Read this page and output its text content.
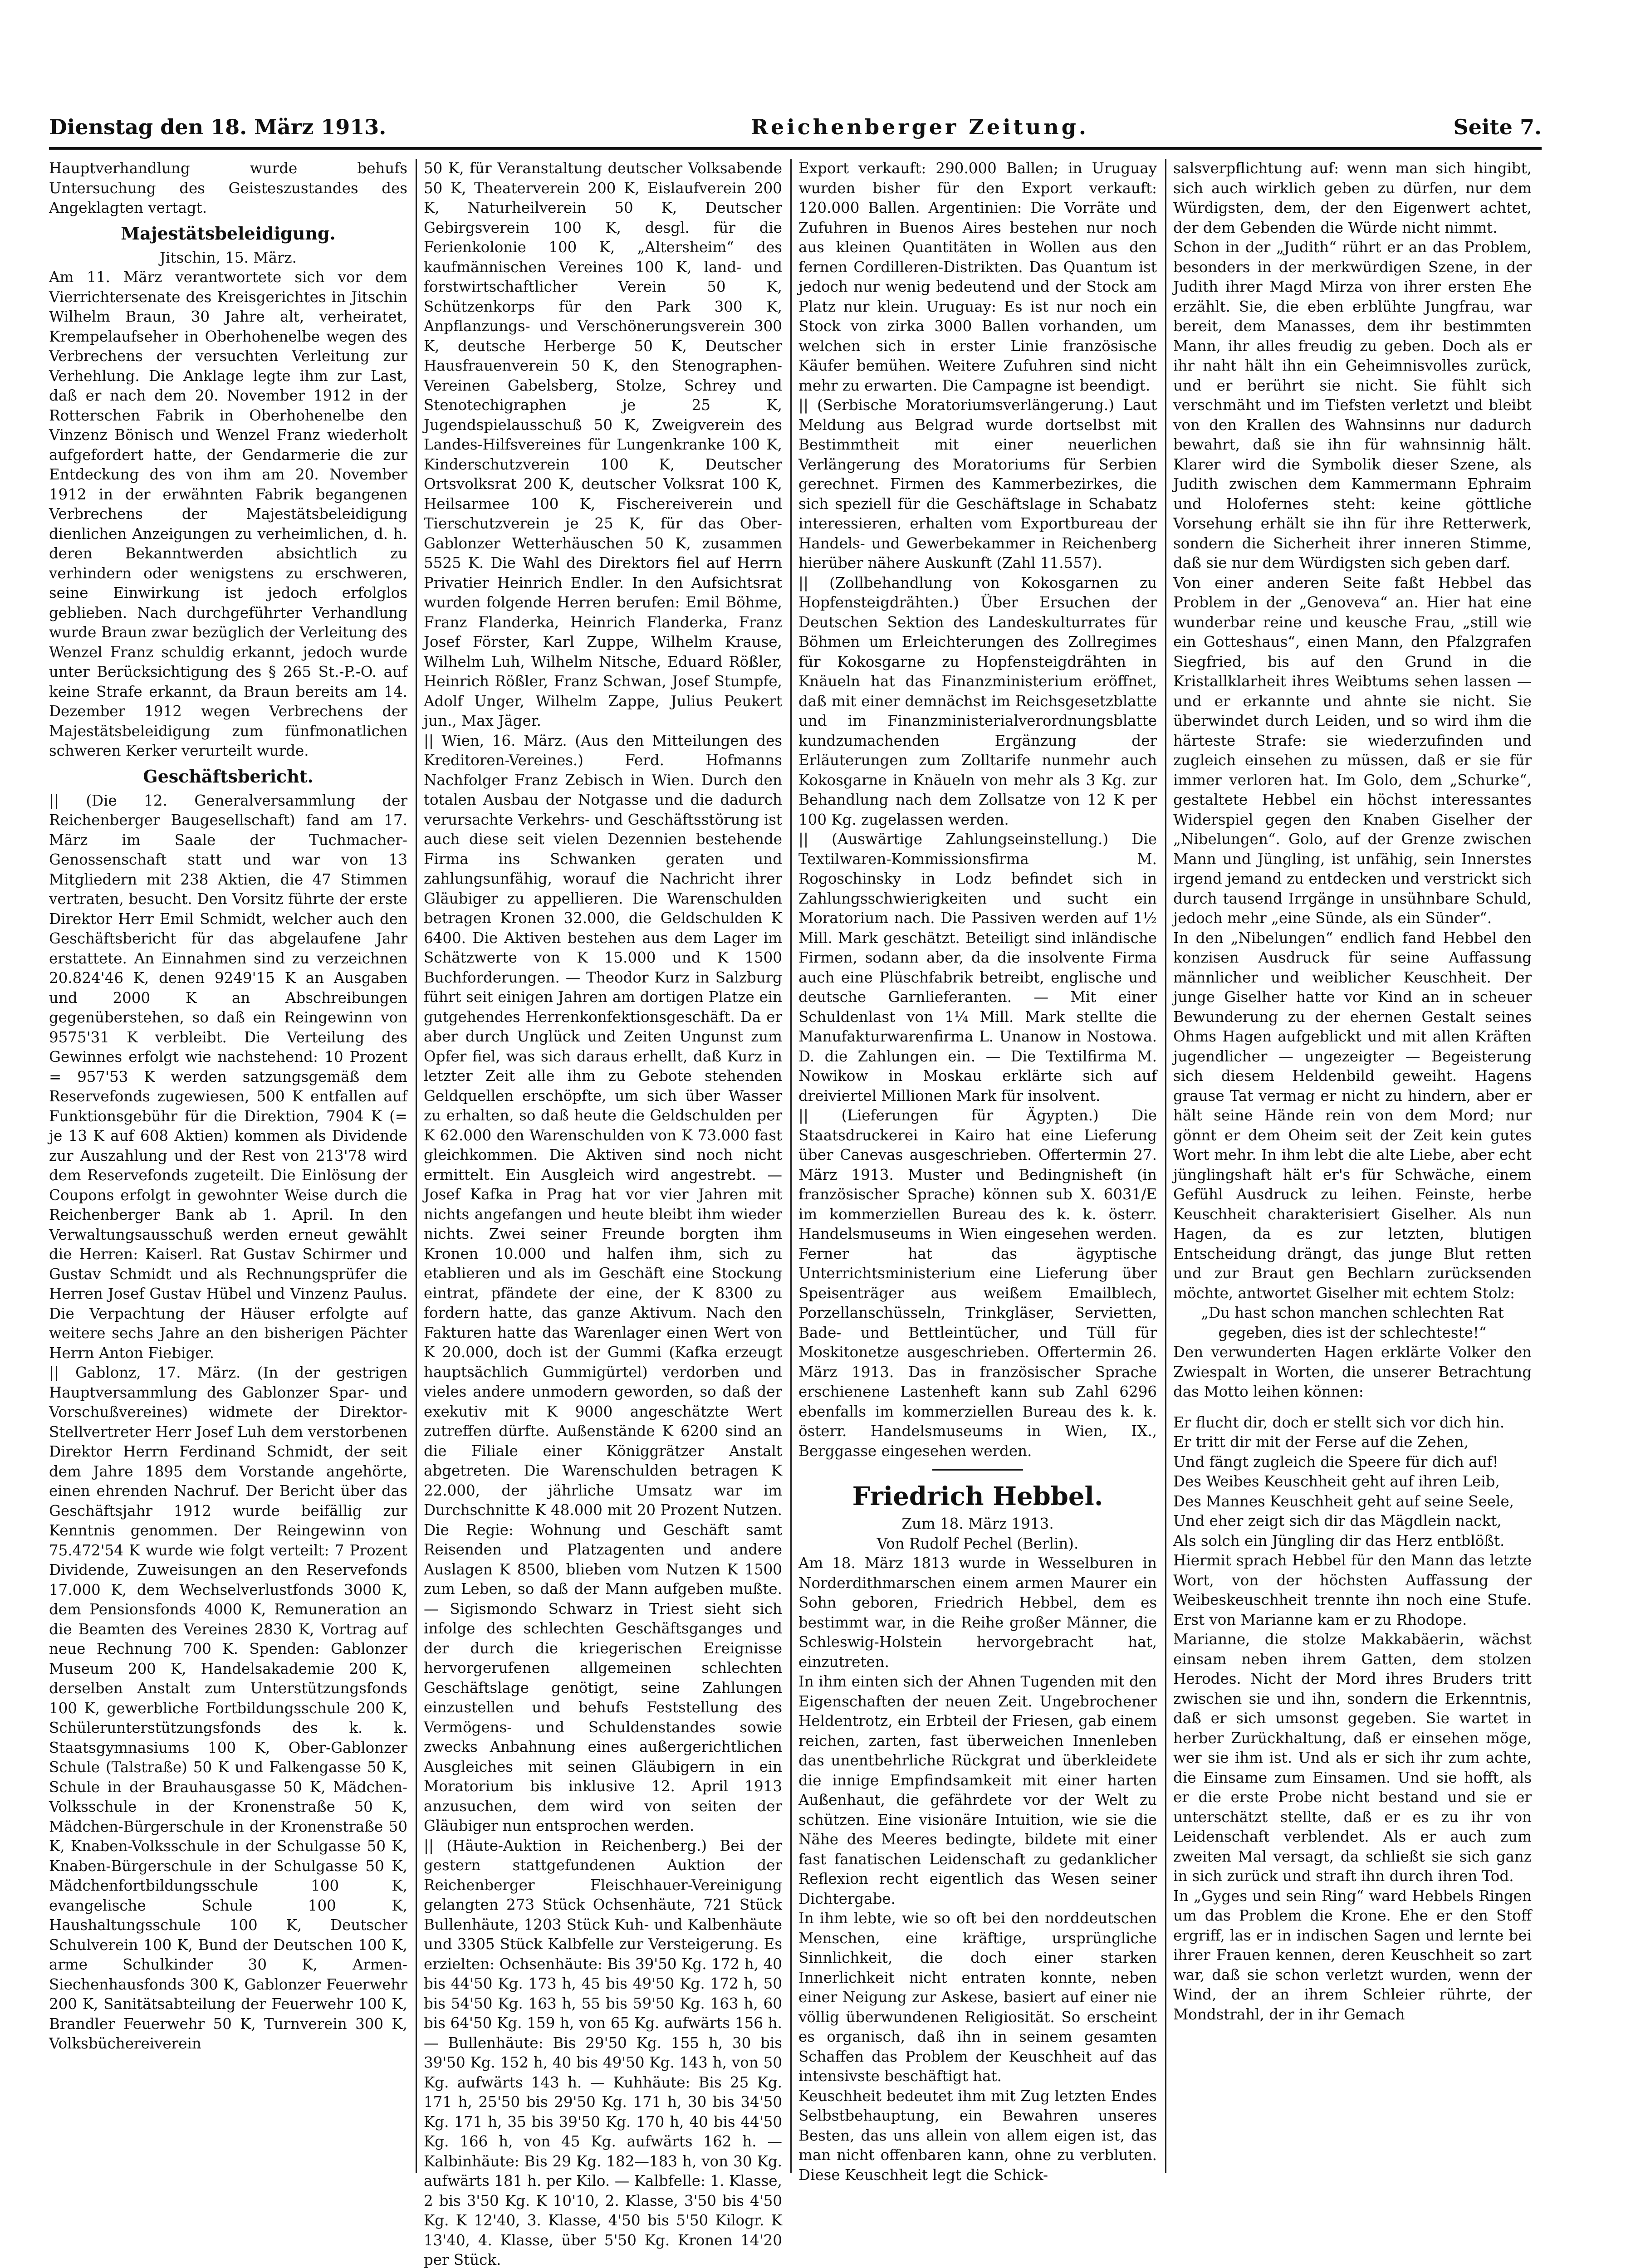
Dienstag den 18. März 1913.	Reichenberger Zeitung.	Seite 7.

Hauptverhandlung wurde behufs Untersuchung des Geisteszustandes des Angeklagten vertagt.

Majestätsbeleidigung.

Jitschin, 15. März.

Am 11. März verantwortete sich vor dem Vierrichtersenate des Kreisgerichtes in Jitschin Wilhelm Braun, 30 Jahre alt, verheiratet, Krempelaufseher in Oberhohenelbe wegen des Verbrechens der versuchten Verleitung zur Verhehlung. Die Anklage legte ihm zur Last, daß er nach dem 20. November 1912 in der Rotterschen Fabrik in Oberhohenelbe den Vinzenz Bönisch und Wenzel Franz wiederholt aufgefordert hatte, der Gendarmerie die zur Entdeckung des von ihm am 20. November 1912 in der erwähnten Fabrik begangenen Verbrechens der Majestätsbeleidigung dienlichen Anzeigungen zu verheimlichen, d. h. deren Bekanntwerden absichtlich zu verhindern oder wenigstens zu erschweren, seine Einwirkung ist jedoch erfolglos geblieben. Nach durchgeführter Verhandlung wurde Braun zwar bezüglich der Verleitung des Wenzel Franz schuldig erkannt, jedoch wurde unter Berücksichtigung des § 265 St.-P.-O. auf keine Strafe erkannt, da Braun bereits am 14. Dezember 1912 wegen Verbrechens der Majestätsbeleidigung zum fünfmonatlichen schweren Kerker verurteilt wurde.

Geschäftsbericht.

|| (Die 12. Generalversammlung der Reichenberger Baugesellschaft) fand am 17. März im Saale der Tuchmacher-Genossenschaft statt und war von 13 Mitgliedern mit 238 Aktien, die 47 Stimmen vertraten, besucht. Den Vorsitz führte der erste Direktor Herr Emil Schmidt, welcher auch den Geschäftsbericht für das abgelaufene Jahr erstattete. An Einnahmen sind zu verzeichnen 20.824'46 K, denen 9249'15 K an Ausgaben und 2000 K an Abschreibungen gegenüberstehen, so daß ein Reingewinn von 9575'31 K verbleibt. Die Verteilung des Gewinnes erfolgt wie nachstehend: 10 Prozent = 957'53 K werden satzungsgemäß dem Reservefonds zugewiesen, 500 K entfallen auf Funktionsgebühr für die Direktion, 7904 K (= je 13 K auf 608 Aktien) kommen als Dividende zur Auszahlung und der Rest von 213'78 wird dem Reservefonds zugeteilt. Die Einlösung der Coupons erfolgt in gewohnter Weise durch die Reichenberger Bank ab 1. April. In den Verwaltungsausschuß werden erneut gewählt die Herren: Kaiserl. Rat Gustav Schirmer und Gustav Schmidt und als Rechnungsprüfer die Herren Josef Gustav Hübel und Vinzenz Paulus. Die Verpachtung der Häuser erfolgte auf weitere sechs Jahre an den bisherigen Pächter Herrn Anton Fiebiger.

|| Gablonz, 17. März. (In der gestrigen Hauptversammlung des Gablonzer Spar- und Vorschußvereines) widmete der Direktor-Stellvertreter Herr Josef Luh dem verstorbenen Direktor Herrn Ferdinand Schmidt, der seit dem Jahre 1895 dem Vorstande angehörte, einen ehrenden Nachruf. Der Bericht über das Geschäftsjahr 1912 wurde beifällig zur Kenntnis genommen. Der Reingewinn von 75.472'54 K wurde wie folgt verteilt: 7 Prozent Dividende, Zuweisungen an den Reservefonds 17.000 K, dem Wechselverlustfonds 3000 K, dem Pensionsfonds 4000 K, Remuneration an die Beamten des Vereines 2830 K, Vortrag auf neue Rechnung 700 K. Spenden: Gablonzer Museum 200 K, Handelsakademie 200 K, derselben Anstalt zum Unterstützungsfonds 100 K, gewerbliche Fortbildungsschule 200 K, Schülerunterstützungsfonds des k. k. Staatsgymnasiums 100 K, Ober-Gablonzer Schule (Talstraße) 50 K und Falkengasse 50 K, Schule in der Brauhausgasse 50 K, Mädchen-Volksschule in der Kronenstraße 50 K, Mädchen-Bürgerschule in der Kronenstraße 50 K, Knaben-Volksschule in der Schulgasse 50 K, Knaben-Bürgerschule in der Schulgasse 50 K, Mädchenfortbildungsschule 100 K, evangelische Schule 100 K, Haushaltungsschule 100 K, Deutscher Schulverein 100 K, Bund der Deutschen 100 K, arme Schulkinder 30 K, Armen-Siechenhausfonds 300 K, Gablonzer Feuerwehr 200 K, Sanitätsabteilung der Feuerwehr 100 K, Brandler Feuerwehr 50 K, Turnverein 300 K, Volksbüchereiverein

50 K, für Veranstaltung deutscher Volksabende 50 K, Theaterverein 200 K, Eislaufverein 200 K, Naturheilverein 50 K, Deutscher Gebirgsverein 100 K, desgl. für die Ferienkolonie 100 K, „Altersheim“ des kaufmännischen Vereines 100 K, land- und forstwirtschaftlicher Verein 50 K, Schützenkorps für den Park 300 K, Anpflanzungs- und Verschönerungsverein 300 K, deutsche Herberge 50 K, Deutscher Hausfrauenverein 50 K, den Stenographen-Vereinen Gabelsberg, Stolze, Schrey und Stenotechigraphen je 25 K, Jugendspielausschuß 50 K, Zweigverein des Landes-Hilfsvereines für Lungenkranke 100 K, Kinderschutzverein 100 K, Deutscher Ortsvolksrat 200 K, deutscher Volksrat 100 K, Heilsarmee 100 K, Fischereiverein und Tierschutzverein je 25 K, für das Ober-Gablonzer Wetterhäuschen 50 K, zusammen 5525 K. Die Wahl des Direktors fiel auf Herrn Privatier Heinrich Endler. In den Aufsichtsrat wurden folgende Herren berufen: Emil Böhme, Franz Flanderka, Heinrich Flanderka, Franz Josef Förster, Karl Zuppe, Wilhelm Krause, Wilhelm Luh, Wilhelm Nitsche, Eduard Rößler, Heinrich Rößler, Franz Schwan, Josef Stumpfe, Adolf Unger, Wilhelm Zappe, Julius Peukert jun., Max Jäger.

|| Wien, 16. März. (Aus den Mitteilungen des Kreditoren-Vereines.) Ferd. Hofmanns Nachfolger Franz Zebisch in Wien. Durch den totalen Ausbau der Notgasse und die dadurch verursachte Verkehrs- und Geschäftsstörung ist auch diese seit vielen Dezennien bestehende Firma ins Schwanken geraten und zahlungsunfähig, worauf die Nachricht ihrer Gläubiger zu appellieren. Die Warenschulden betragen Kronen 32.000, die Geldschulden K 6400. Die Aktiven bestehen aus dem Lager im Schätzwerte von K 15.000 und K 1500 Buchforderungen. — Theodor Kurz in Salzburg führt seit einigen Jahren am dortigen Platze ein gutgehendes Herrenkonfektionsgeschäft. Da er aber durch Unglück und Zeiten Ungunst zum Opfer fiel, was sich daraus erhellt, daß Kurz in letzter Zeit alle ihm zu Gebote stehenden Geldquellen erschöpfte, um sich über Wasser zu erhalten, so daß heute die Geldschulden per K 62.000 den Warenschulden von K 73.000 fast gleichkommen. Die Aktiven sind noch nicht ermittelt. Ein Ausgleich wird angestrebt. — Josef Kafka in Prag hat vor vier Jahren mit nichts angefangen und heute bleibt ihm wieder nichts. Zwei seiner Freunde borgten ihm Kronen 10.000 und halfen ihm, sich zu etablieren und als im Geschäft eine Stockung eintrat, pfändete der eine, der K 8300 zu fordern hatte, das ganze Aktivum. Nach den Fakturen hatte das Warenlager einen Wert von K 20.000, doch ist der Gummi (Kafka erzeugt hauptsächlich Gummigürtel) verdorben und vieles andere unmodern geworden, so daß der exekutiv mit K 9000 angeschätzte Wert zutreffen dürfte. Außenstände K 6200 sind an die Filiale einer Königgrätzer Anstalt abgetreten. Die Warenschulden betragen K 22.000, der jährliche Umsatz war im Durchschnitte K 48.000 mit 20 Prozent Nutzen. Die Regie: Wohnung und Geschäft samt Reisenden und Platzagenten und andere Auslagen K 8500, blieben vom Nutzen K 1500 zum Leben, so daß der Mann aufgeben mußte. — Sigismondo Schwarz in Triest sieht sich infolge des schlechten Geschäftsganges und der durch die kriegerischen Ereignisse hervorgerufenen allgemeinen schlechten Geschäftslage genötigt, seine Zahlungen einzustellen und behufs Feststellung des Vermögens- und Schuldenstandes sowie zwecks Anbahnung eines außergerichtlichen Ausgleiches mit seinen Gläubigern in ein Moratorium bis inklusive 12. April 1913 anzusuchen, dem wird von seiten der Gläubiger nun entsprochen werden.

|| (Häute-Auktion in Reichenberg.) Bei der gestern stattgefundenen Auktion der Reichenberger Fleischhauer-Vereinigung gelangten 273 Stück Ochsenhäute, 721 Stück Bullenhäute, 1203 Stück Kuh- und Kalbenhäute und 3305 Stück Kalbfelle zur Versteigerung. Es erzielten: Ochsenhäute: Bis 39'50 Kg. 172 h, 40 bis 44'50 Kg. 173 h, 45 bis 49'50 Kg. 172 h, 50 bis 54'50 Kg. 163 h, 55 bis 59'50 Kg. 163 h, 60 bis 64'50 Kg. 159 h, von 65 Kg. aufwärts 156 h. — Bullenhäute: Bis 29'50 Kg. 155 h, 30 bis 39'50 Kg. 152 h, 40 bis 49'50 Kg. 143 h, von 50 Kg. aufwärts 143 h. — Kuhhäute: Bis 25 Kg. 171 h, 25'50 bis 29'50 Kg. 171 h, 30 bis 34'50 Kg. 171 h, 35 bis 39'50 Kg. 170 h, 40 bis 44'50 Kg. 166 h, von 45 Kg. aufwärts 162 h. — Kalbinhäute: Bis 29 Kg. 182—183 h, von 30 Kg. aufwärts 181 h. per Kilo. — Kalbfelle: 1. Klasse, 2 bis 3'50 Kg. K 10'10, 2. Klasse, 3'50 bis 4'50 Kg. K 12'40, 3. Klasse, 4'50 bis 5'50 Kilogr. K 13'40, 4. Klasse, über 5'50 Kg. Kronen 14'20 per Stück.

Export verkauft: 290.000 Ballen; in Uruguay wurden bisher für den Export verkauft: 120.000 Ballen. Argentinien: Die Vorräte und Zufuhren in Buenos Aires bestehen nur noch aus kleinen Quantitäten in Wollen aus den fernen Cordilleren-Distrikten. Das Quantum ist jedoch nur wenig bedeutend und der Stock am Platz nur klein. Uruguay: Es ist nur noch ein Stock von zirka 3000 Ballen vorhanden, um welchen sich in erster Linie französische Käufer bemühen. Weitere Zufuhren sind nicht mehr zu erwarten. Die Campagne ist beendigt.

|| (Serbische Moratoriumsverlängerung.) Laut Meldung aus Belgrad wurde dortselbst mit Bestimmtheit mit einer neuerlichen Verlängerung des Moratoriums für Serbien gerechnet. Firmen des Kammerbezirkes, die sich speziell für die Geschäftslage in Schabatz interessieren, erhalten vom Exportbureau der Handels- und Gewerbekammer in Reichenberg hierüber nähere Auskunft (Zahl 11.557).

|| (Zollbehandlung von Kokosgarnen zu Hopfensteigdrähten.) Über Ersuchen der Deutschen Sektion des Landeskulturrates für Böhmen um Erleichterungen des Zollregimes für Kokosgarne zu Hopfensteigdrähten in Knäueln hat das Finanzministerium eröffnet, daß mit einer demnächst im Reichsgesetzblatte und im Finanzministerialverordnungsblatte kundzumachenden Ergänzung der Erläuterungen zum Zolltarife nunmehr auch Kokosgarne in Knäueln von mehr als 3 Kg. zur Behandlung nach dem Zollsatze von 12 K per 100 Kg. zugelassen werden.

|| (Auswärtige Zahlungseinstellung.) Die Textilwaren-Kommissionsfirma M. Rogoschinsky in Lodz befindet sich in Zahlungsschwierigkeiten und sucht ein Moratorium nach. Die Passiven werden auf 1½ Mill. Mark geschätzt. Beteiligt sind inländische Firmen, sodann aber, da die insolvente Firma auch eine Plüschfabrik betreibt, englische und deutsche Garnlieferanten. — Mit einer Schuldenlast von 1¼ Mill. Mark stellte die Manufakturwarenfirma L. Unanow in Nostowa. D. die Zahlungen ein. — Die Textilfirma M. Nowikow in Moskau erklärte sich auf dreiviertel Millionen Mark für insolvent.

|| (Lieferungen für Ägypten.) Die Staatsdruckerei in Kairo hat eine Lieferung über Canevas ausgeschrieben. Offertermin 27. März 1913. Muster und Bedingnisheft (in französischer Sprache) können sub X. 6031/E im kommerziellen Bureau des k. k. österr. Handelsmuseums in Wien eingesehen werden. Ferner hat das ägyptische Unterrichtsministerium eine Lieferung über Speisenträger aus weißem Emailblech, Porzellanschüsseln, Trinkgläser, Servietten, Bade- und Bettleintücher, und Tüll für Moskitonetze ausgeschrieben. Offertermin 26. März 1913. Das in französischer Sprache erschienene Lastenheft kann sub Zahl 6296 ebenfalls im kommerziellen Bureau des k. k. österr. Handelsmuseums in Wien, IX., Berggasse eingesehen werden.

Friedrich Hebbel.

Zum 18. März 1913.

Von Rudolf Pechel (Berlin).

Am 18. März 1813 wurde in Wesselburen in Norderdithmarschen einem armen Maurer ein Sohn geboren, Friedrich Hebbel, dem es bestimmt war, in die Reihe großer Männer, die Schleswig-Holstein hervorgebracht hat, einzutreten.

In ihm einten sich der Ahnen Tugenden mit den Eigenschaften der neuen Zeit. Ungebrochener Heldentrotz, ein Erbteil der Friesen, gab einem reichen, zarten, fast überweichen Innenleben das unentbehrliche Rückgrat und überkleidete die innige Empfindsamkeit mit einer harten Außenhaut, die gefährdete vor der Welt zu schützen. Eine visionäre Intuition, wie sie die Nähe des Meeres bedingte, bildete mit einer fast fanatischen Leidenschaft zu gedanklicher Reflexion recht eigentlich das Wesen seiner Dichtergabe.

In ihm lebte, wie so oft bei den norddeutschen Menschen, eine kräftige, ursprüngliche Sinnlichkeit, die doch einer starken Innerlichkeit nicht entraten konnte, neben einer Neigung zur Askese, basiert auf einer nie völlig überwundenen Religiosität. So erscheint es organisch, daß ihn in seinem gesamten Schaffen das Problem der Keuschheit auf das intensivste beschäftigt hat.

Keuschheit bedeutet ihm mit Zug letzten Endes Selbstbehauptung, ein Bewahren unseres Besten, das uns allein von allem eigen ist, das man nicht offenbaren kann, ohne zu verbluten. Diese Keuschheit legt die Schick-

salsverpflichtung auf: wenn man sich hingibt, sich auch wirklich geben zu dürfen, nur dem Würdigsten, dem, der den Eigenwert achtet, der dem Gebenden die Würde nicht nimmt.

Schon in der „Judith“ rührt er an das Problem, besonders in der merkwürdigen Szene, in der Judith ihrer Magd Mirza von ihrer ersten Ehe erzählt. Sie, die eben erblühte Jungfrau, war bereit, dem Manasses, dem ihr bestimmten Mann, ihr alles freudig zu geben. Doch als er ihr naht hält ihn ein Geheimnisvolles zurück, und er berührt sie nicht. Sie fühlt sich verschmäht und im Tiefsten verletzt und bleibt von den Krallen des Wahnsinns nur dadurch bewahrt, daß sie ihn für wahnsinnig hält. Klarer wird die Symbolik dieser Szene, als Judith zwischen dem Kammermann Ephraim und Holofernes steht: keine göttliche Vorsehung erhält sie ihn für ihre Retterwerk, sondern die Sicherheit ihrer inneren Stimme, daß sie nur dem Würdigsten sich geben darf.

Von einer anderen Seite faßt Hebbel das Problem in der „Genoveva“ an. Hier hat eine wunderbar reine und keusche Frau, „still wie ein Gotteshaus“, einen Mann, den Pfalzgrafen Siegfried, bis auf den Grund in die Kristallklarheit ihres Weibtums sehen lassen — und er erkannte und ahnte sie nicht. Sie überwindet durch Leiden, und so wird ihm die härteste Strafe: sie wiederzufinden und zugleich einsehen zu müssen, daß er sie für immer verloren hat. Im Golo, dem „Schurke“, gestaltete Hebbel ein höchst interessantes Widerspiel gegen den Knaben Giselher der „Nibelungen“. Golo, auf der Grenze zwischen Mann und Jüngling, ist unfähig, sein Innerstes irgend jemand zu entdecken und verstrickt sich durch tausend Irrgänge in unsühnbare Schuld, jedoch mehr „eine Sünde, als ein Sünder“.

In den „Nibelungen“ endlich fand Hebbel den konzisen Ausdruck für seine Auffassung männlicher und weiblicher Keuschheit. Der junge Giselher hatte vor Kind an in scheuer Bewunderung zu der ehernen Gestalt seines Ohms Hagen aufgeblickt und mit allen Kräften jugendlicher — ungezeigter — Begeisterung sich diesem Heldenbild geweiht. Hagens grause Tat vermag er nicht zu hindern, aber er hält seine Hände rein von dem Mord; nur gönnt er dem Oheim seit der Zeit kein gutes Wort mehr. In ihm lebt die alte Liebe, aber echt jünglingshaft hält er's für Schwäche, einem Gefühl Ausdruck zu leihen. Feinste, herbe Keuschheit charakterisiert Giselher. Als nun Hagen, da es zur letzten, blutigen Entscheidung drängt, das junge Blut retten und zur Braut gen Bechlarn zurücksenden möchte, antwortet Giselher mit echtem Stolz:

„Du hast schon manchen schlechten Rat gegeben, dies ist der schlechteste!“

Den verwunderten Hagen erklärte Volker den Zwiespalt in Worten, die unserer Betrachtung das Motto leihen können:

Er flucht dir, doch er stellt sich vor dich hin.

Er tritt dir mit der Ferse auf die Zehen,

Und fängt zugleich die Speere für dich auf!

Des Weibes Keuschheit geht auf ihren Leib,

Des Mannes Keuschheit geht auf seine Seele,

Und eher zeigt sich dir das Mägdlein nackt,

Als solch ein Jüngling dir das Herz entblößt.

Hiermit sprach Hebbel für den Mann das letzte Wort, von der höchsten Auffassung der Weibeskeuschheit trennte ihn noch eine Stufe. Erst von Marianne kam er zu Rhodope.

Marianne, die stolze Makkabäerin, wächst einsam neben ihrem Gatten, dem stolzen Herodes. Nicht der Mord ihres Bruders tritt zwischen sie und ihn, sondern die Erkenntnis, daß er sich umsonst gegeben. Sie wartet in herber Zurückhaltung, daß er einsehen möge, wer sie ihm ist. Und als er sich ihr zum achte, die Einsame zum Einsamen. Und sie hofft, als er die erste Probe nicht bestand und sie er unterschätzt stellte, daß er es zu ihr von Leidenschaft verblendet. Als er auch zum zweiten Mal versagt, da schließt sie sich ganz in sich zurück und straft ihn durch ihren Tod.

In „Gyges und sein Ring“ ward Hebbels Ringen um das Problem die Krone. Ehe er den Stoff ergriff, las er in indischen Sagen und lernte bei ihrer Frauen kennen, deren Keuschheit so zart war, daß sie schon verletzt wurden, wenn der Wind, der an ihrem Schleier rührte, der Mondstrahl, der in ihr Gemach
